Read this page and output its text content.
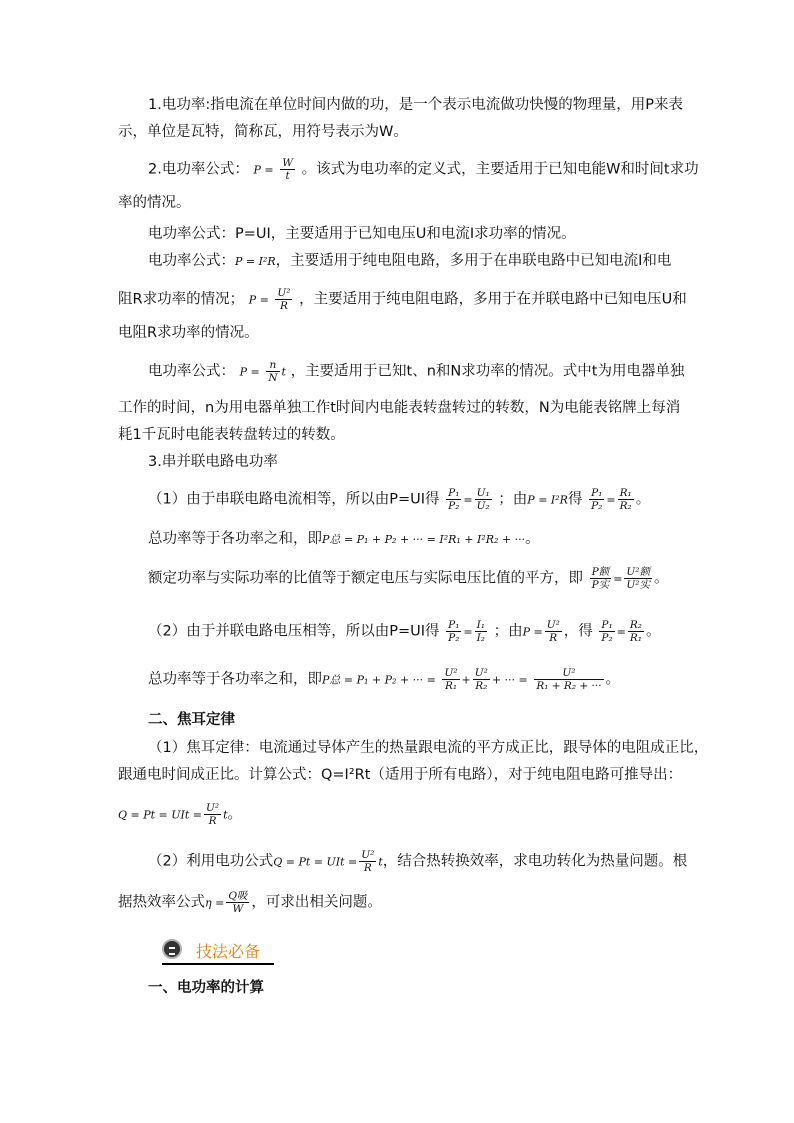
1.电功率:指电流在单位时间内做的功，是一个表示电流做功快慢的物理量，用P来表
示，单位是瓦特，简称瓦，用符号表示为W。
2.电功率公式： $P = \frac{W}{t}$ 。该式为电功率的定义式，主要适用于已知电能W和时间t求功
率的情况。
电功率公式：P=UI，主要适用于已知电压U和电流I求功率的情况。
电功率公式：P = I²R，主要适用于纯电阻电路，多用于在串联电路中已知电流I和电
阻R求功率的情况； $P = \frac{\text{U²}}{R}$ ，主要适用于纯电阻电路，多用于在并联电路中已知电压U和
电阻R求功率的情况。
电功率公式： $P = \frac{n}{N}$ t ，主要适用于已知t、n和N求功率的情况。式中t为用电器单独
工作的时间，n为用电器单独工作t时间内电能表转盘转过的转数，N为电能表铭牌上每消
耗1千瓦时电能表转盘转过的转数。
3.串并联电路电功率
（1）由于串联电路电流相等，所以由P=UI得 $\frac{\text{P₁}}{\text{P₂}} = \frac{\text{U₁}}{\text{U₂}}$ ；由P = I²R得 $\frac{\text{P₁}}{\text{P₂}} = \frac{\text{R₁}}{\text{R₂}}$ 。
总功率等于各功率之和，即P总 = P₁ + P₂ + ··· = I²R₁ + I²R₂ + ···。
额定功率与实际功率的比值等于额定电压与实际电压比值的平方，即 $\frac{\text{P额}}{\text{P实}} = \frac{\text{U²额}}{\text{U²实}}$ 。
（2）由于并联电路电压相等，所以由P=UI得 $\frac{\text{P₁}}{\text{P₂}} = \frac{\text{I₁}}{\text{I₂}}$ ；由$P = \frac{\text{U²}}{R}$ ，得 $\frac{\text{P₁}}{\text{P₂}} = \frac{\text{R₂}}{\text{R₁}}$ 。
总功率等于各功率之和，即P总 = P₁ + P₂ + ··· = $\frac{\text{U²}}{\text{R₁}} + \frac{\text{U²}}{\text{R₂}}$ + ··· = $\frac{\text{U²}}{\text{R₁ + R₂ + ···}}$ 。
二、焦耳定律
（1）焦耳定律：电流通过导体产生的热量跟电流的平方成正比，跟导体的电阻成正比，
跟通电时间成正比。计算公式：Q=I²Rt（适用于所有电路），对于纯电阻电路可推导出：
Q = Pt = UIt = $\frac{\text{U²}}{R}$ t。
（2）利用电功公式Q = Pt = UIt = $\frac{\text{U²}}{R}$ t，结合热转换效率，求电功转化为热量问题。根
据热效率公式$\eta = \frac{\text{Q吸}}{W}$ ，可求出相关问题。
技法必备
一、电功率的计算
